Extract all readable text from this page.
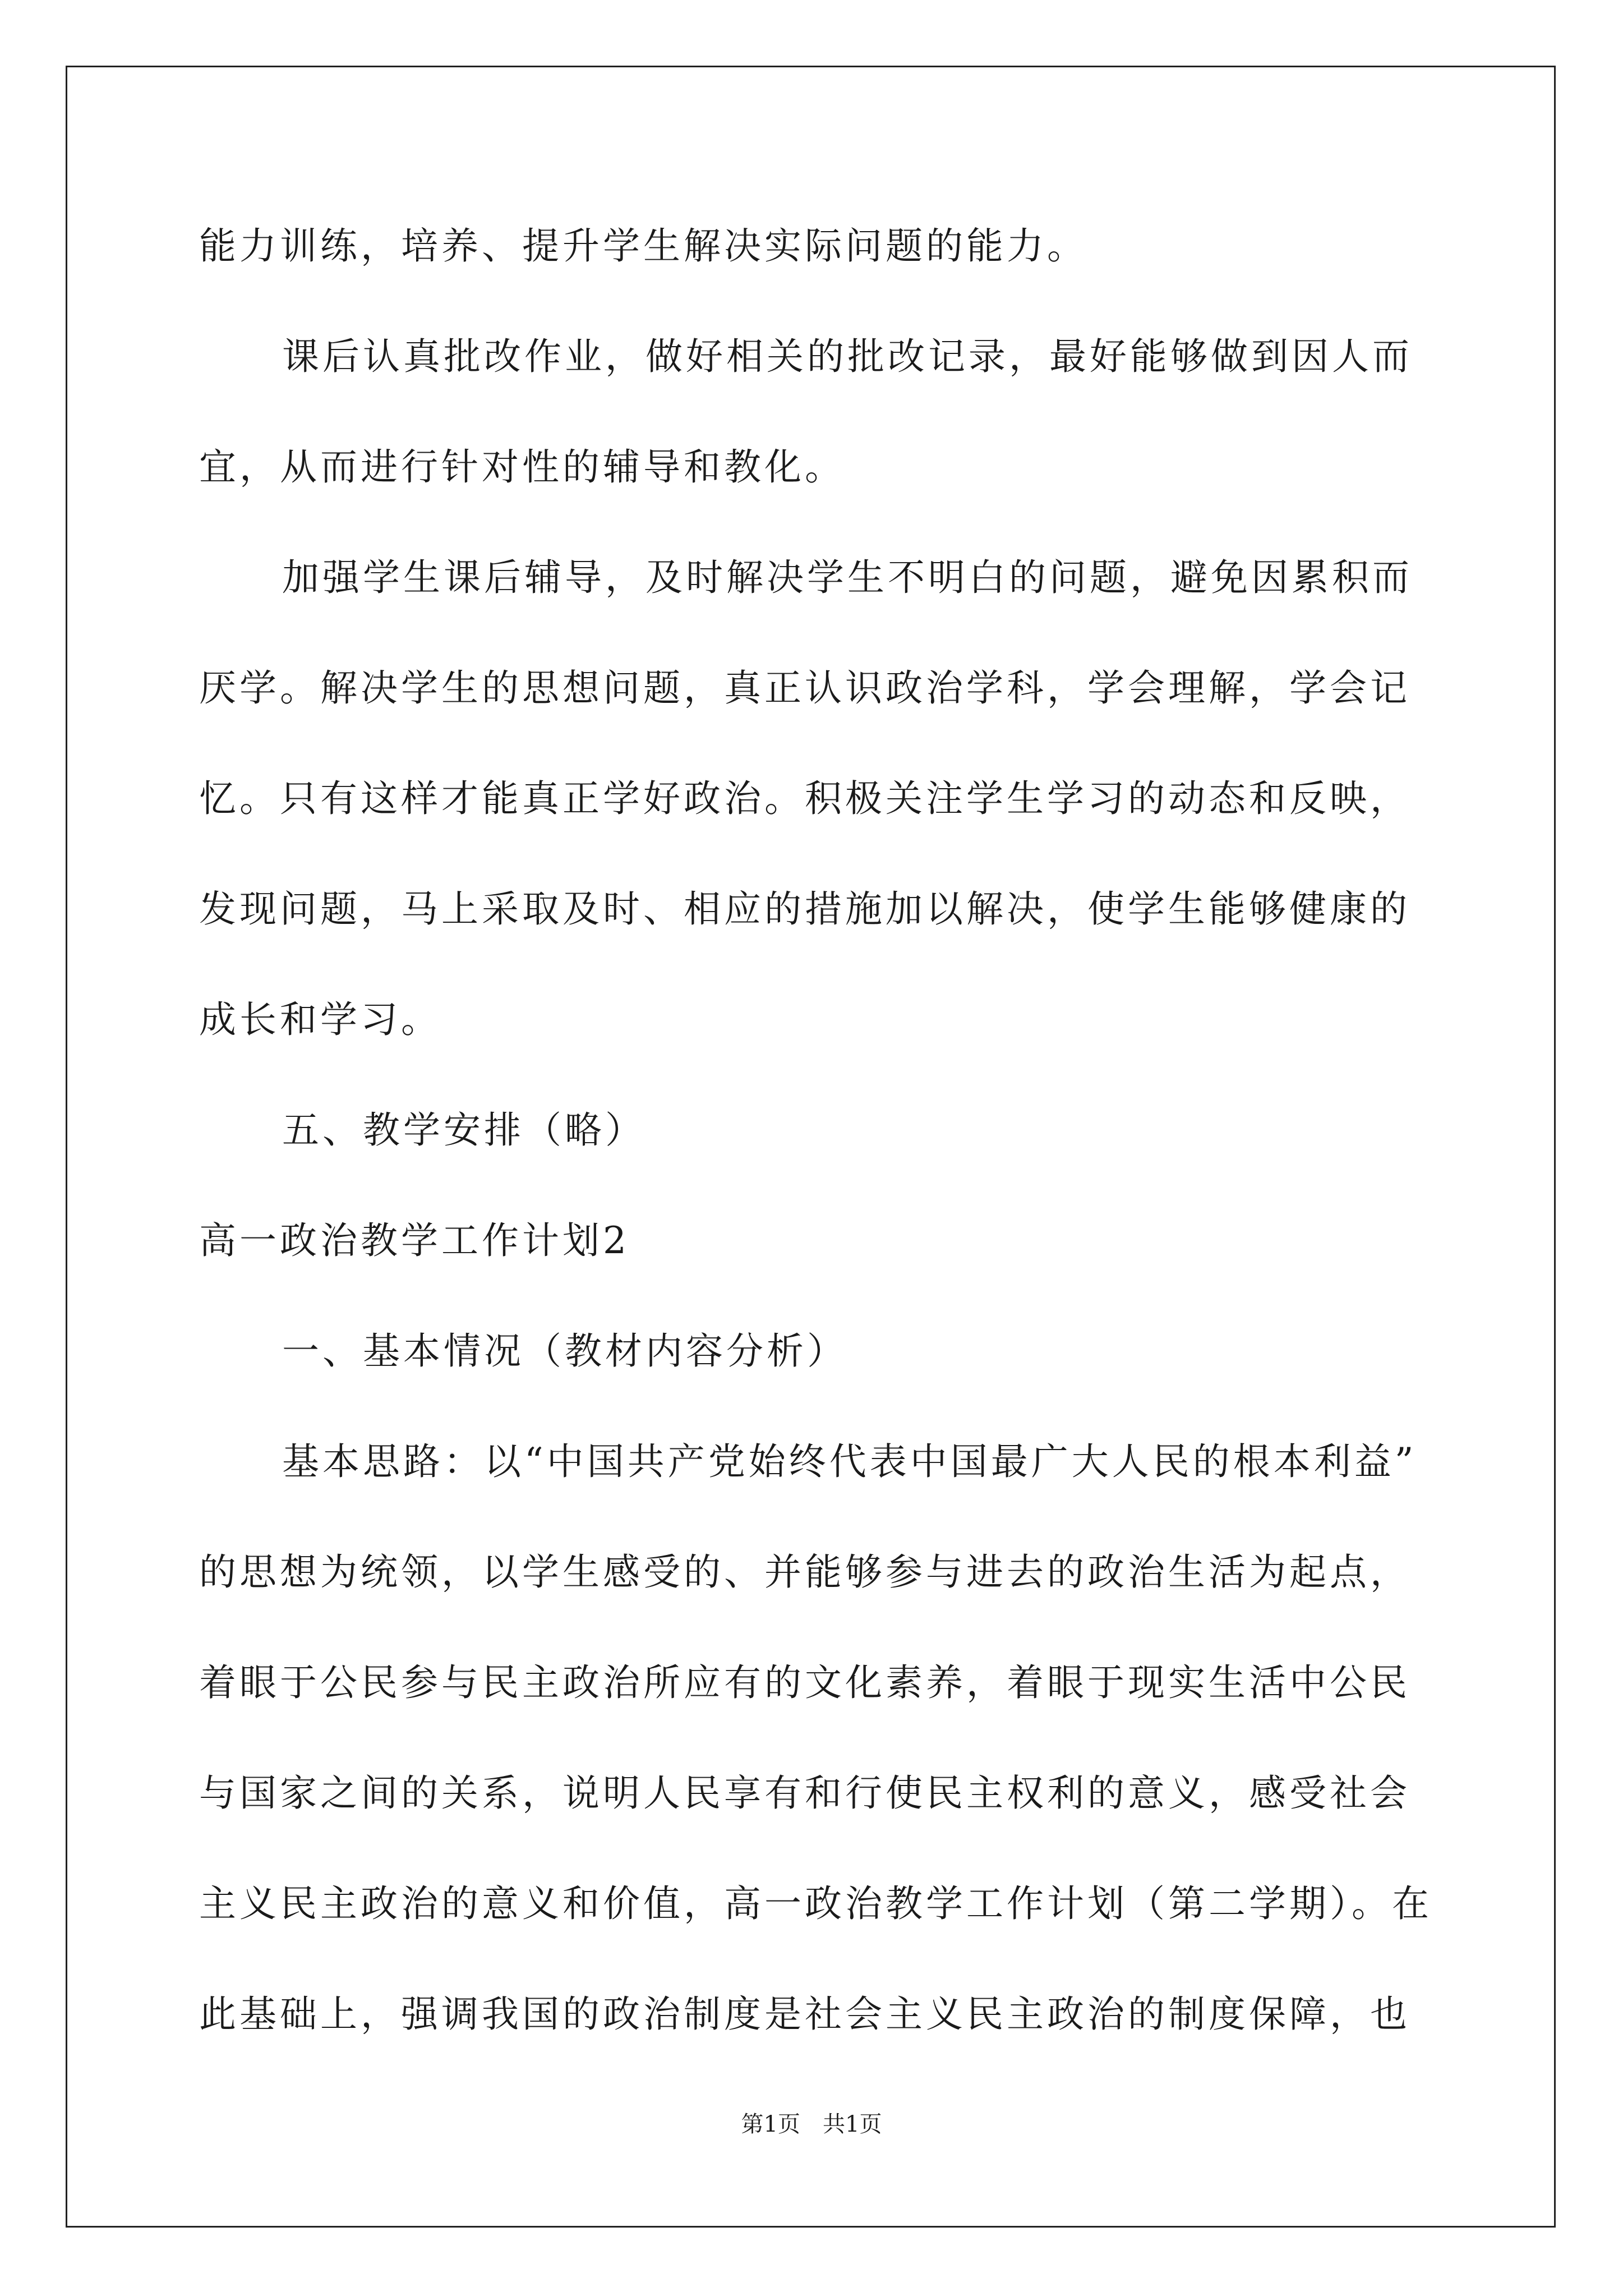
能力训练，培养、提升学生解决实际问题的能力。
课后认真批改作业，做好相关的批改记录，最好能够做到因人而
宜，从而进行针对性的辅导和教化。
加强学生课后辅导，及时解决学生不明白的问题，避免因累积而
厌学。解决学生的思想问题，真正认识政治学科，学会理解，学会记
忆。只有这样才能真正学好政治。积极关注学生学习的动态和反映，
发现问题，马上采取及时、相应的措施加以解决，使学生能够健康的
成长和学习。
五、教学安排（略）
高一政治教学工作计划2
一、基本情况（教材内容分析）
基本思路：以“中国共产党始终代表中国最广大人民的根本利益”
的思想为统领，以学生感受的、并能够参与进去的政治生活为起点，
着眼于公民参与民主政治所应有的文化素养，着眼于现实生活中公民
与国家之间的关系，说明人民享有和行使民主权利的意义，感受社会
主义民主政治的意义和价值，高一政治教学工作计划（第二学期）。在
此基础上，强调我国的政治制度是社会主义民主政治的制度保障，也
第1页　共1页
